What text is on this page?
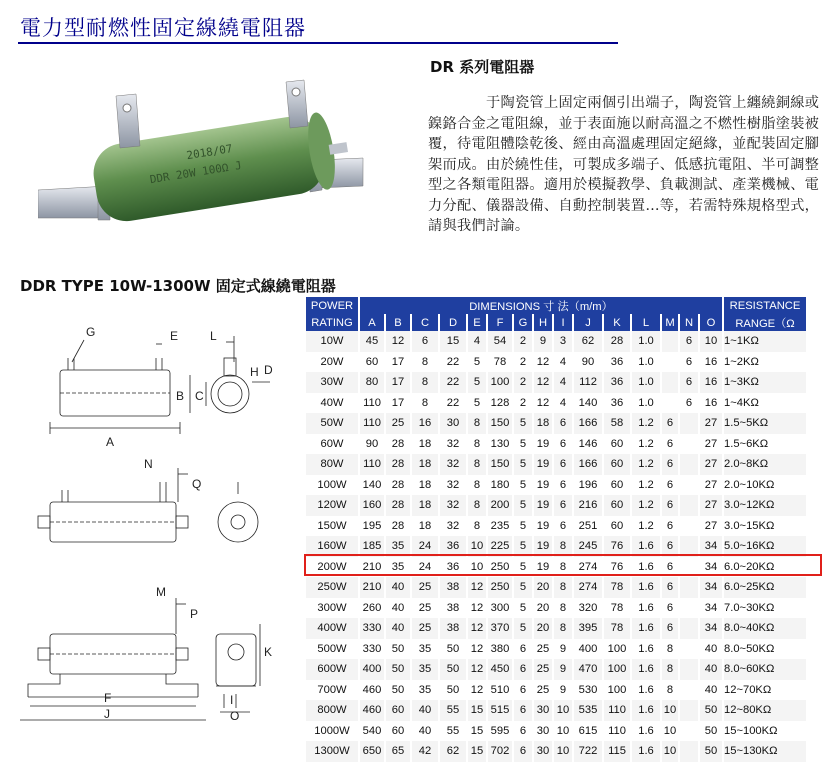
電力型耐燃性固定線繞電阻器
2018/07
DDR 20W 100Ω J
DR 系列電阻器
于陶瓷管上固定兩個引出端子，陶瓷管上纏繞銅線或鎳鉻合金之電阻線，並于表面施以耐高溫之不燃性樹脂塗裝被覆，待電阻體陰乾後、經由高溫處理固定絕緣，並配裝固定腳架而成。由於繞性佳，可製成多端子、低感抗電阻、半可調整型之各類電阻器。適用於模擬教學、負載測試、產業機械、電力分配、儀器設備、自動控制裝置…等，若需特殊規格型式，請與我們討論。
DDR TYPE 10W-1300W 固定式線繞電阻器
A
G	E	L
H D
B C
N
Q
M
P
K
F
J
I
O
POWER	DIMENSIONS 寸 法（m/m）															RESISTANCE
RATING	A	B	C	D	E	F	G	H	I	J	K	L	M	N	O	RANGE（Ω
10W	45	12	6	15	4	54	2	9	3	62	28	1.0		6	10	1~1KΩ
20W	60	17	8	22	5	78	2	12	4	90	36	1.0		6	16	1~2KΩ
30W	80	17	8	22	5	100	2	12	4	112	36	1.0		6	16	1~3KΩ
40W	110	17	8	22	5	128	2	12	4	140	36	1.0		6	16	1~4KΩ
50W	110	25	16	30	8	150	5	18	6	166	58	1.2	6		27	1.5~5KΩ
60W	90	28	18	32	8	130	5	19	6	146	60	1.2	6		27	1.5~6KΩ
80W	110	28	18	32	8	150	5	19	6	166	60	1.2	6		27	2.0~8KΩ
100W	140	28	18	32	8	180	5	19	6	196	60	1.2	6		27	2.0~10KΩ
120W	160	28	18	32	8	200	5	19	6	216	60	1.2	6		27	3.0~12KΩ
150W	195	28	18	32	8	235	5	19	6	251	60	1.2	6		27	3.0~15KΩ
160W	185	35	24	36	10	225	5	19	8	245	76	1.6	6		34	5.0~16KΩ
200W	210	35	24	36	10	250	5	19	8	274	76	1.6	6		34	6.0~20KΩ
250W	210	40	25	38	12	250	5	20	8	274	78	1.6	6		34	6.0~25KΩ
300W	260	40	25	38	12	300	5	20	8	320	78	1.6	6		34	7.0~30KΩ
400W	330	40	25	38	12	370	5	20	8	395	78	1.6	6		34	8.0~40KΩ
500W	330	50	35	50	12	380	6	25	9	400	100	1.6	8		40	8.0~50KΩ
600W	400	50	35	50	12	450	6	25	9	470	100	1.6	8		40	8.0~60KΩ
700W	460	50	35	50	12	510	6	25	9	530	100	1.6	8		40	12~70KΩ
800W	460	60	40	55	15	515	6	30	10	535	110	1.6	10		50	12~80KΩ
1000W	540	60	40	55	15	595	6	30	10	615	110	1.6	10		50	15~100KΩ
1300W	650	65	42	62	15	702	6	30	10	722	115	1.6	10		50	15~130KΩ
